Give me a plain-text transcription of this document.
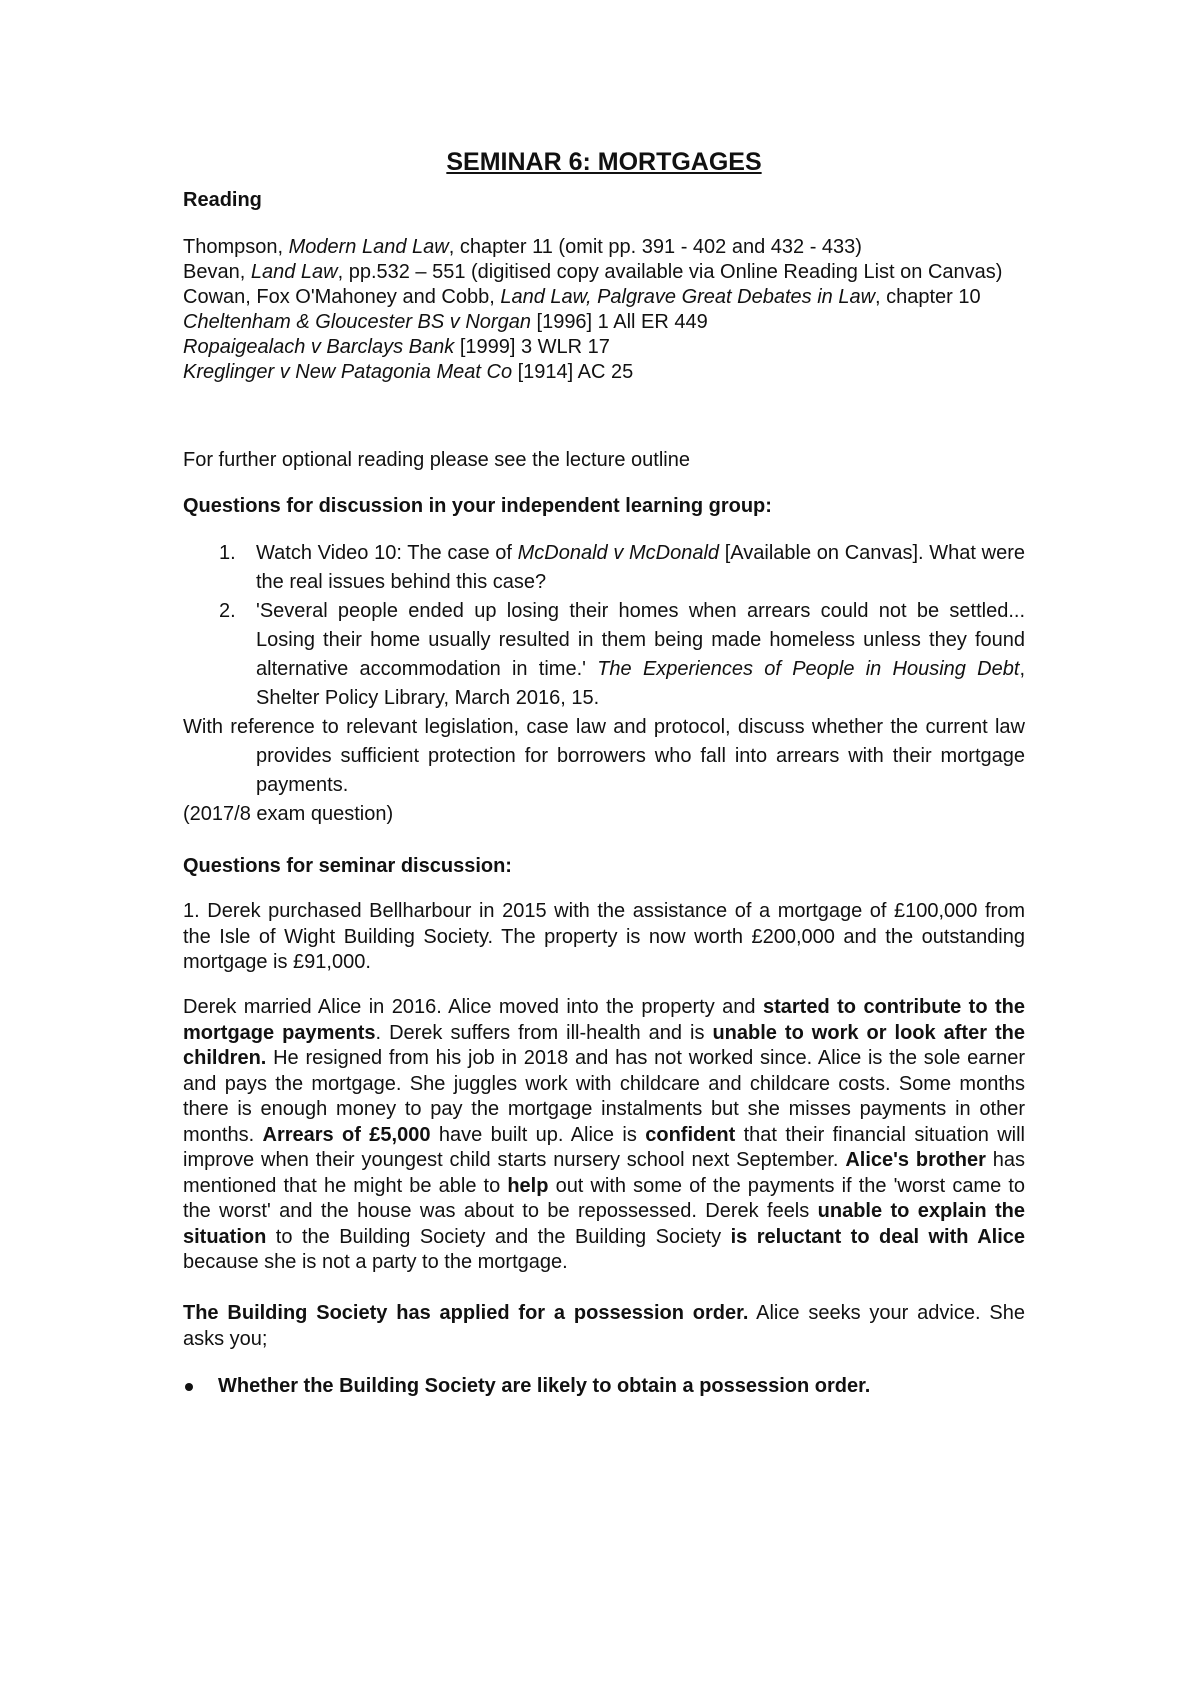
SEMINAR 6: MORTGAGES

Reading

Thompson, Modern Land Law, chapter 11 (omit pp. 391 - 402 and 432 - 433)
Bevan, Land Law, pp.532 – 551 (digitised copy available via Online Reading List on Canvas)
Cowan, Fox O'Mahoney and Cobb, Land Law, Palgrave Great Debates in Law, chapter 10
Cheltenham & Gloucester BS v Norgan [1996] 1 All ER 449
Ropaigealach v Barclays Bank [1999] 3 WLR 17
Kreglinger v New Patagonia Meat Co [1914] AC 25
For further optional reading please see the lecture outline

Questions for discussion in your independent learning group:

1. Watch Video 10: The case of McDonald v McDonald [Available on Canvas]. What were the real issues behind this case?
2. 'Several people ended up losing their homes when arrears could not be settled... Losing their home usually resulted in them being made homeless unless they found alternative accommodation in time.' The Experiences of People in Housing Debt, Shelter Policy Library, March 2016, 15.
With reference to relevant legislation, case law and protocol, discuss whether the current law provides sufficient protection for borrowers who fall into arrears with their mortgage payments.
(2017/8 exam question)

Questions for seminar discussion:

1. Derek purchased Bellharbour in 2015 with the assistance of a mortgage of £100,000 from the Isle of Wight Building Society. The property is now worth £200,000 and the outstanding mortgage is £91,000.
Derek married Alice in 2016. Alice moved into the property and started to contribute to the mortgage payments. Derek suffers from ill-health and is unable to work or look after the children. He resigned from his job in 2018 and has not worked since. Alice is the sole earner and pays the mortgage. She juggles work with childcare and childcare costs. Some months there is enough money to pay the mortgage instalments but she misses payments in other months. Arrears of £5,000 have built up. Alice is confident that their financial situation will improve when their youngest child starts nursery school next September. Alice's brother has mentioned that he might be able to help out with some of the payments if the 'worst came to the worst' and the house was about to be repossessed. Derek feels unable to explain the situation to the Building Society and the Building Society is reluctant to deal with Alice because she is not a party to the mortgage.
The Building Society has applied for a possession order. Alice seeks your advice. She asks you;
Whether the Building Society are likely to obtain a possession order.
